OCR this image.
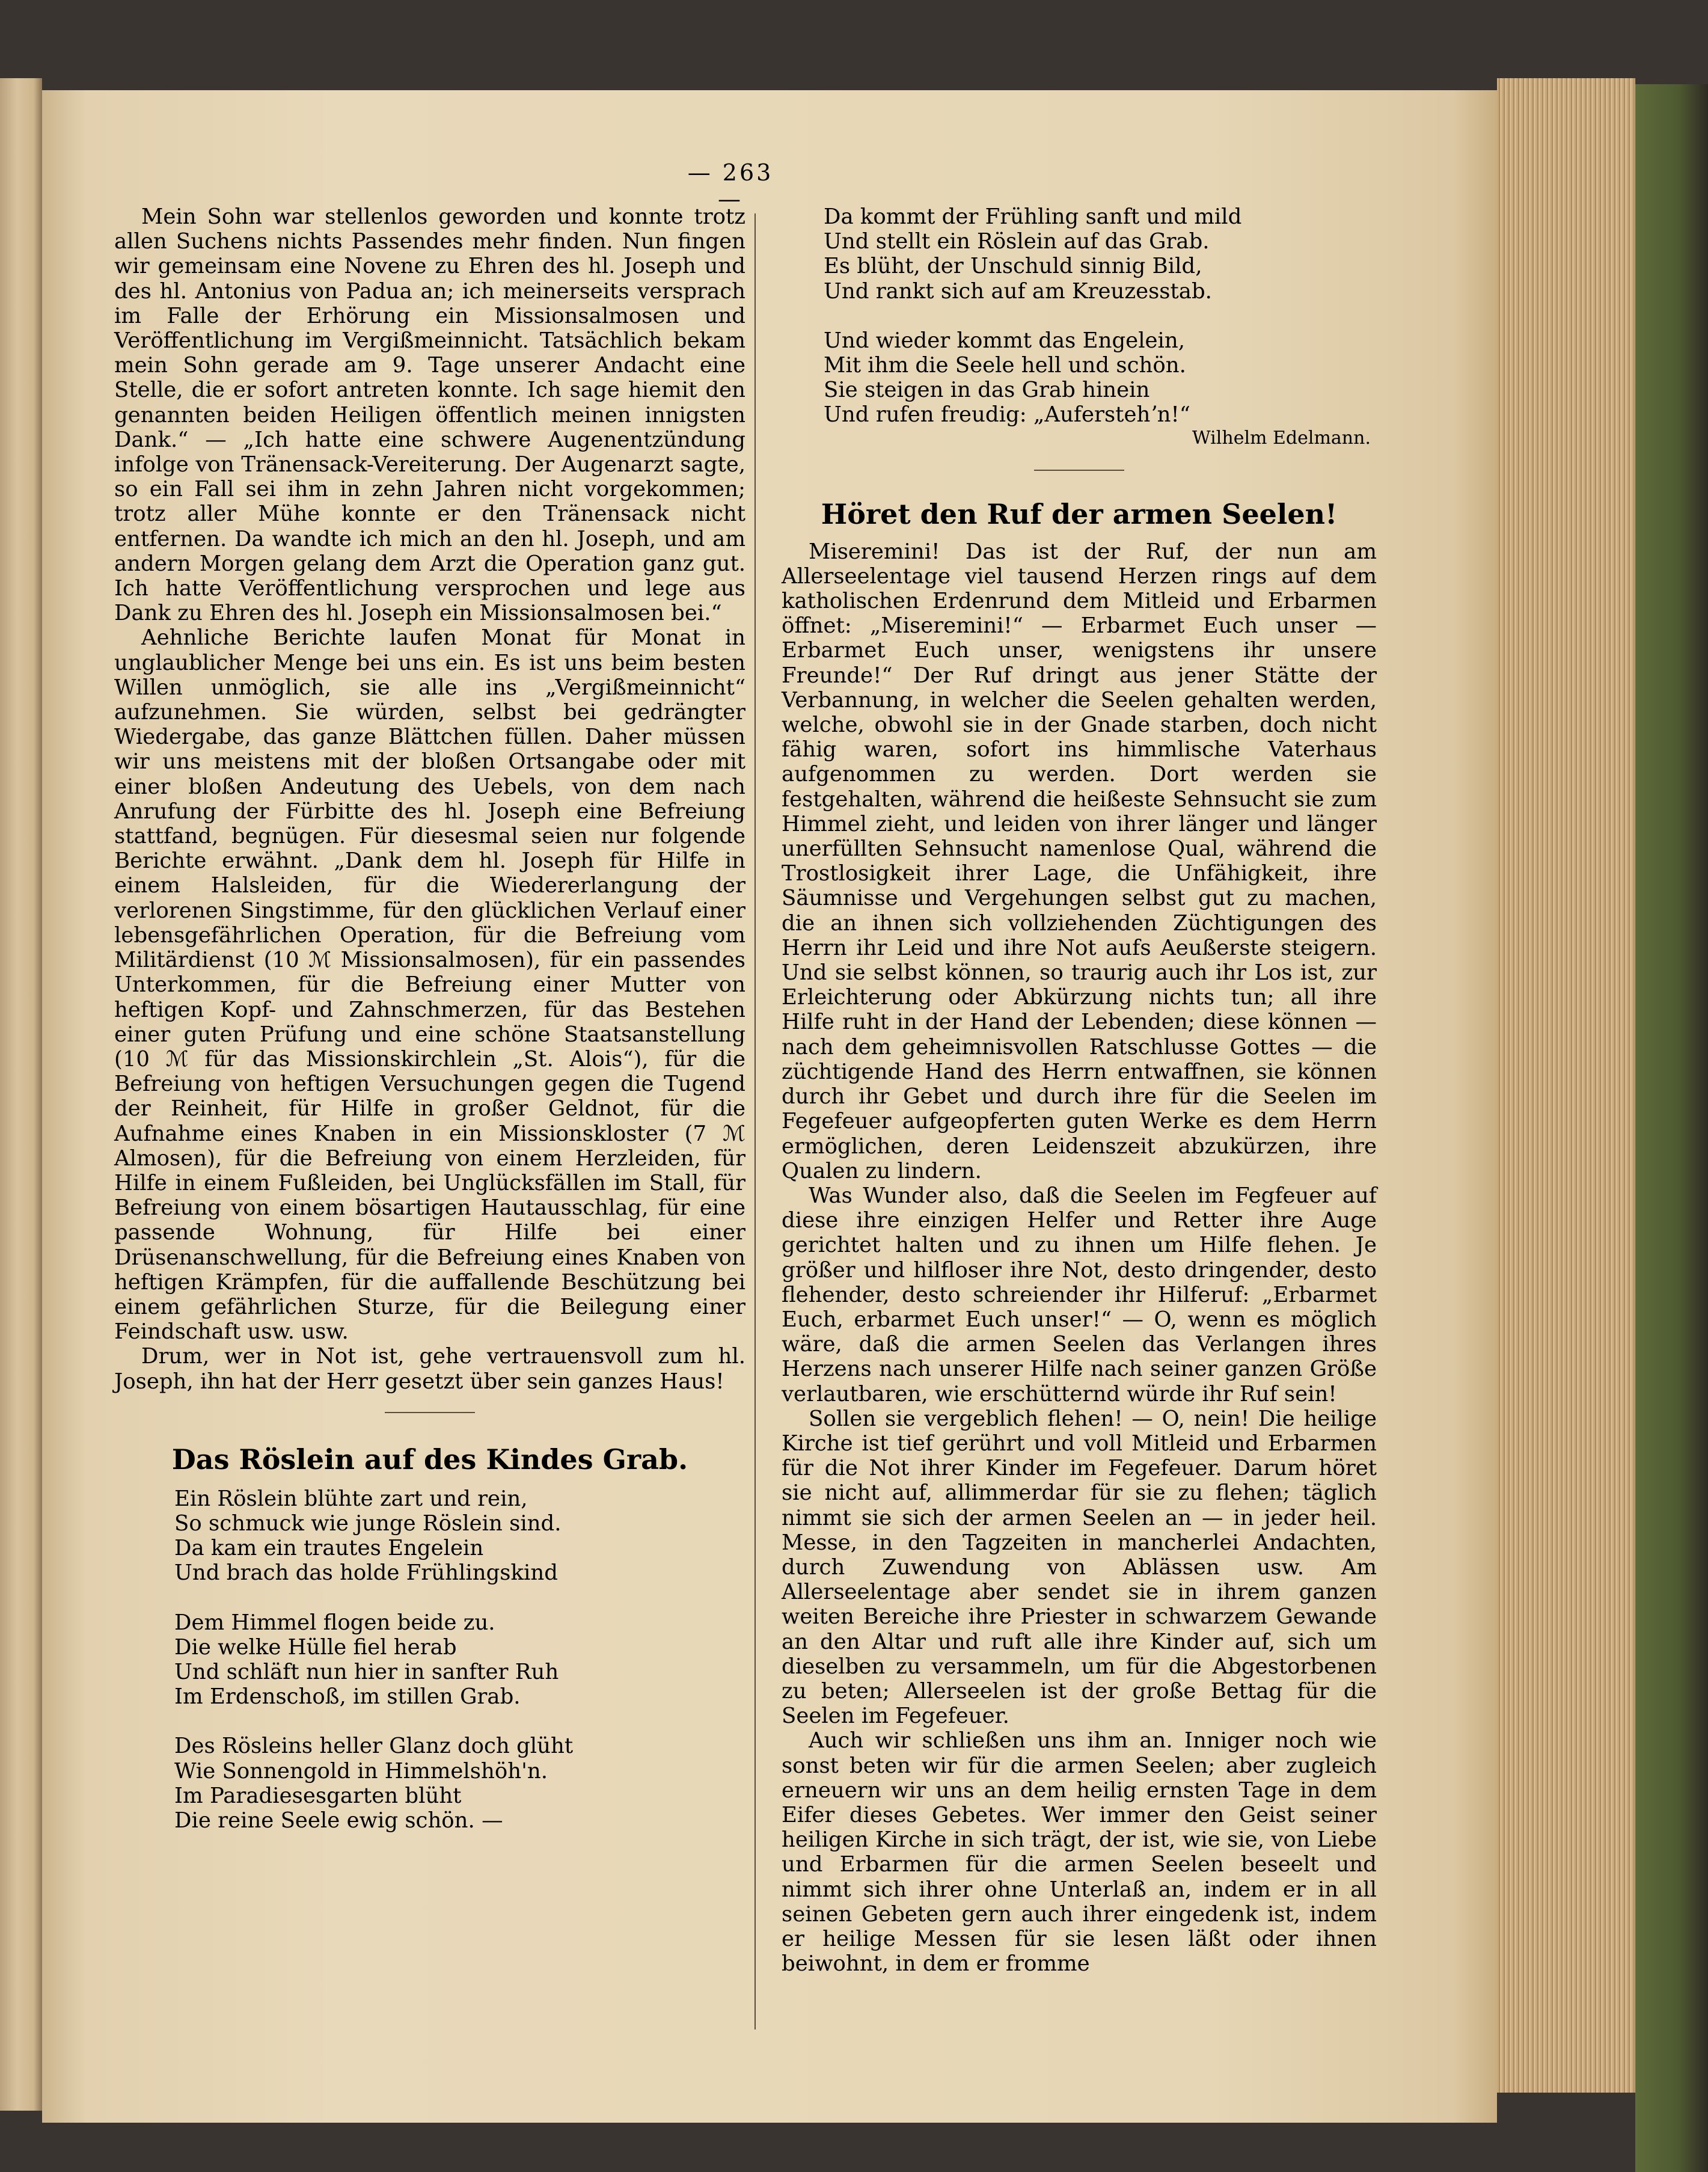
— 263 —

Mein Sohn war stellenlos geworden und konnte trotz allen Suchens nichts Passendes mehr finden. Nun fingen wir gemeinsam eine Novene zu Ehren des hl. Joseph und des hl. Antonius von Padua an; ich meinerseits versprach im Falle der Erhörung ein Missionsalmosen und Veröffentlichung im Vergißmeinnicht. Tatsächlich bekam mein Sohn gerade am 9. Tage unserer Andacht eine Stelle, die er sofort antreten konnte. Ich sage hiemit den genannten beiden Heiligen öffentlich meinen innigsten Dank.“ — „Ich hatte eine schwere Augenentzündung infolge von Tränensack-Vereiterung. Der Augenarzt sagte, so ein Fall sei ihm in zehn Jahren nicht vorgekommen; trotz aller Mühe konnte er den Tränensack nicht entfernen. Da wandte ich mich an den hl. Joseph, und am andern Morgen gelang dem Arzt die Operation ganz gut. Ich hatte Veröffentlichung versprochen und lege aus Dank zu Ehren des hl. Joseph ein Missionsalmosen bei.“

Aehnliche Berichte laufen Monat für Monat in unglaublicher Menge bei uns ein. Es ist uns beim besten Willen unmöglich, sie alle ins „Vergißmeinnicht“ aufzunehmen. Sie würden, selbst bei gedrängter Wiedergabe, das ganze Blättchen füllen. Daher müssen wir uns meistens mit der bloßen Ortsangabe oder mit einer bloßen Andeutung des Uebels, von dem nach Anrufung der Fürbitte des hl. Joseph eine Befreiung stattfand, begnügen. Für diesesmal seien nur folgende Berichte erwähnt. „Dank dem hl. Joseph für Hilfe in einem Halsleiden, für die Wiedererlangung der verlorenen Singstimme, für den glücklichen Verlauf einer lebensgefährlichen Operation, für die Befreiung vom Militärdienst (10 ℳ Missionsalmosen), für ein passendes Unterkommen, für die Befreiung einer Mutter von heftigen Kopf- und Zahnschmerzen, für das Bestehen einer guten Prüfung und eine schöne Staatsanstellung (10 ℳ für das Missionskirchlein „St. Alois“), für die Befreiung von heftigen Versuchungen gegen die Tugend der Reinheit, für Hilfe in großer Geldnot, für die Aufnahme eines Knaben in ein Missionskloster (7 ℳ Almosen), für die Befreiung von einem Herzleiden, für Hilfe in einem Fußleiden, bei Unglücksfällen im Stall, für Befreiung von einem bösartigen Hautausschlag, für eine passende Wohnung, für Hilfe bei einer Drüsenanschwellung, für die Befreiung eines Knaben von heftigen Krämpfen, für die auffallende Beschützung bei einem gefährlichen Sturze, für die Beilegung einer Feindschaft usw. usw.

Drum, wer in Not ist, gehe vertrauensvoll zum hl. Joseph, ihn hat der Herr gesetzt über sein ganzes Haus!

Das Röslein auf des Kindes Grab.
Ein Röslein blühte zart und rein,
So schmuck wie junge Röslein sind.
Da kam ein trautes Engelein
Und brach das holde Frühlingskind
Dem Himmel flogen beide zu.
Die welke Hülle fiel herab
Und schläft nun hier in sanfter Ruh
Im Erdenschoß, im stillen Grab.
Des Rösleins heller Glanz doch glüht
Wie Sonnengold in Himmelshöh'n.
Im Paradiesesgarten blüht
Die reine Seele ewig schön. —
Da kommt der Frühling sanft und mild
Und stellt ein Röslein auf das Grab.
Es blüht, der Unschuld sinnig Bild,
Und rankt sich auf am Kreuzesstab.
Und wieder kommt das Engelein,
Mit ihm die Seele hell und schön.
Sie steigen in das Grab hinein
Und rufen freudig: „Auferstehʼn!“

Wilhelm Edelmann.

Höret den Ruf der armen Seelen!

Miseremini! Das ist der Ruf, der nun am Allerseelentage viel tausend Herzen rings auf dem katholischen Erdenrund dem Mitleid und Erbarmen öffnet: „Miseremini!“ — Erbarmet Euch unser — Erbarmet Euch unser, wenigstens ihr unsere Freunde!“ Der Ruf dringt aus jener Stätte der Verbannung, in welcher die Seelen gehalten werden, welche, obwohl sie in der Gnade starben, doch nicht fähig waren, sofort ins himmlische Vaterhaus aufgenommen zu werden. Dort werden sie festgehalten, während die heißeste Sehnsucht sie zum Himmel zieht, und leiden von ihrer länger und länger unerfüllten Sehnsucht namenlose Qual, während die Trostlosigkeit ihrer Lage, die Unfähigkeit, ihre Säumnisse und Vergehungen selbst gut zu machen, die an ihnen sich vollziehenden Züchtigungen des Herrn ihr Leid und ihre Not aufs Aeußerste steigern. Und sie selbst können, so traurig auch ihr Los ist, zur Erleichterung oder Abkürzung nichts tun; all ihre Hilfe ruht in der Hand der Lebenden; diese können — nach dem geheimnisvollen Ratschlusse Gottes — die züchtigende Hand des Herrn entwaffnen, sie können durch ihr Gebet und durch ihre für die Seelen im Fegefeuer aufgeopferten guten Werke es dem Herrn ermöglichen, deren Leidenszeit abzukürzen, ihre Qualen zu lindern.

Was Wunder also, daß die Seelen im Fegfeuer auf diese ihre einzigen Helfer und Retter ihre Auge gerichtet halten und zu ihnen um Hilfe flehen. Je größer und hilfloser ihre Not, desto dringender, desto flehender, desto schreiender ihr Hilferuf: „Erbarmet Euch, erbarmet Euch unser!“ — O, wenn es möglich wäre, daß die armen Seelen das Verlangen ihres Herzens nach unserer Hilfe nach seiner ganzen Größe verlautbaren, wie erschütternd würde ihr Ruf sein!

Sollen sie vergeblich flehen! — O, nein! Die heilige Kirche ist tief gerührt und voll Mitleid und Erbarmen für die Not ihrer Kinder im Fegefeuer. Darum höret sie nicht auf, allimmerdar für sie zu flehen; täglich nimmt sie sich der armen Seelen an — in jeder heil. Messe, in den Tagzeiten in mancherlei Andachten, durch Zuwendung von Ablässen usw. Am Allerseelentage aber sendet sie in ihrem ganzen weiten Bereiche ihre Priester in schwarzem Gewande an den Altar und ruft alle ihre Kinder auf, sich um dieselben zu versammeln, um für die Abgestorbenen zu beten; Allerseelen ist der große Bettag für die Seelen im Fegefeuer.

Auch wir schließen uns ihm an. Inniger noch wie sonst beten wir für die armen Seelen; aber zugleich erneuern wir uns an dem heilig ernsten Tage in dem Eifer dieses Gebetes. Wer immer den Geist seiner heiligen Kirche in sich trägt, der ist, wie sie, von Liebe und Erbarmen für die armen Seelen beseelt und nimmt sich ihrer ohne Unterlaß an, indem er in all seinen Gebeten gern auch ihrer eingedenk ist, indem er heilige Messen für sie lesen läßt oder ihnen beiwohnt, in dem er fromme
